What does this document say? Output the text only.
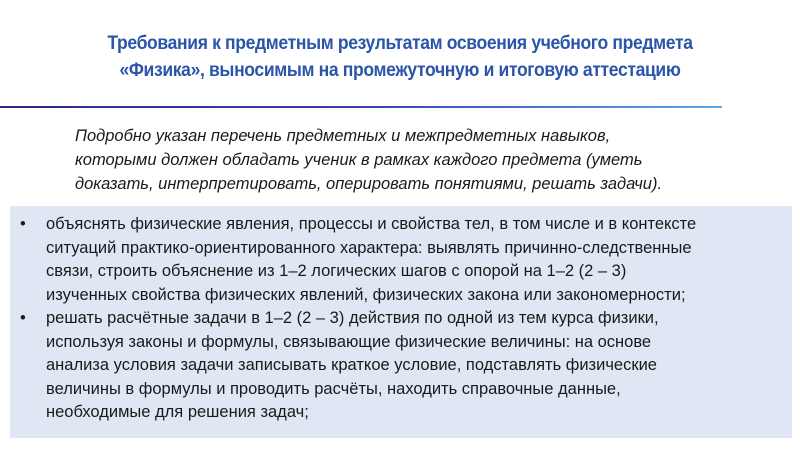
Требования к предметным результатам освоения учебного предмета
«Физика», выносимым на промежуточную и итоговую аттестацию

Подробно указан перечень предметных и межпредметных навыков,
которыми должен обладать ученик в рамках каждого предмета (уметь
доказать, интерпретировать, оперировать понятиями, решать задачи).

• объяснять физические явления, процессы и свойства тел, в том числе и в контексте
ситуаций практико-ориентированного характера: выявлять причинно-следственные
связи, строить объяснение из 1–2 логических шагов с опорой на 1–2 (2 – 3)
изученных свойства физических явлений, физических закона или закономерности;
• решать расчётные задачи в 1–2 (2 – 3) действия по одной из тем курса физики,
используя законы и формулы, связывающие физические величины: на основе
анализа условия задачи записывать краткое условие, подставлять физические
величины в формулы и проводить расчёты, находить справочные данные,
необходимые для решения задач;
